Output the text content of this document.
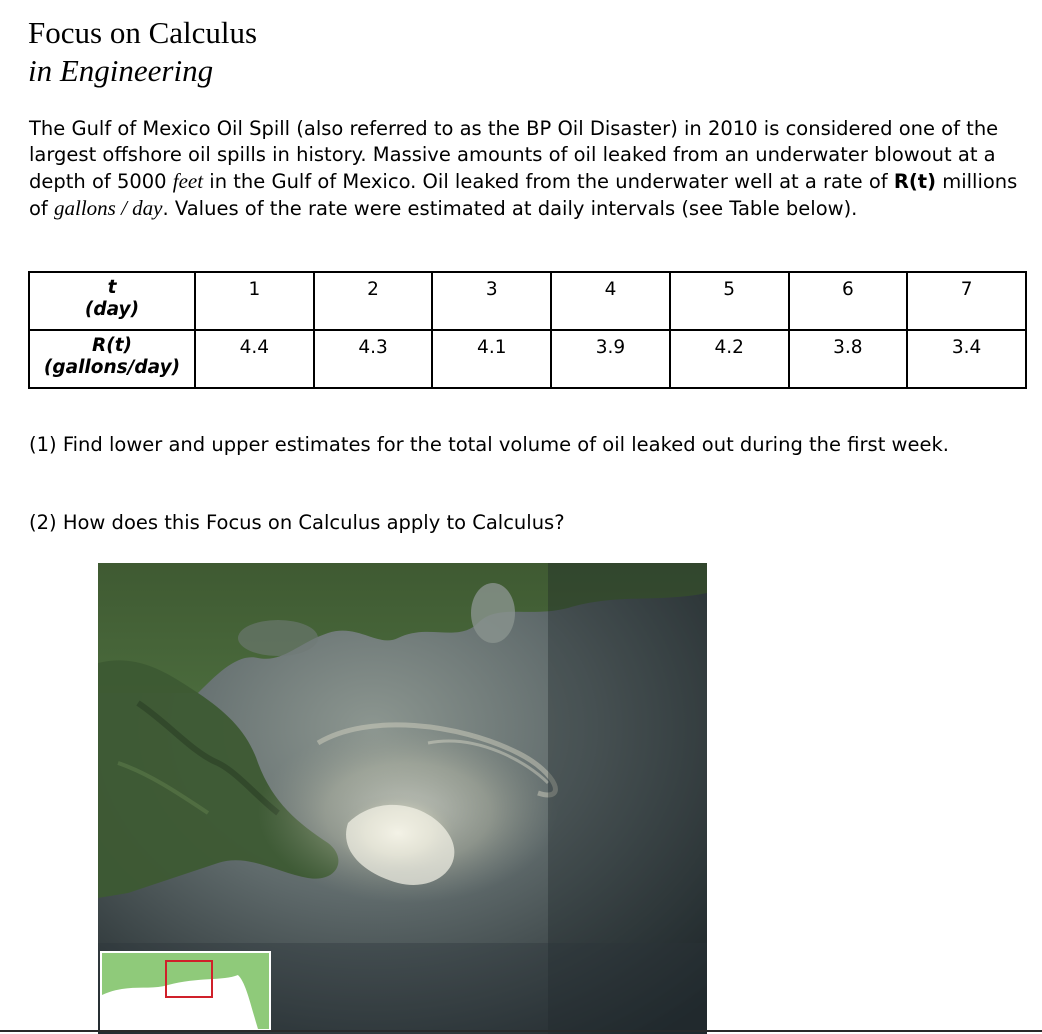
Focus on Calculus
in Engineering
The Gulf of Mexico Oil Spill (also referred to as the BP Oil Disaster) in 2010 is considered one of the largest offshore oil spills in history. Massive amounts of oil leaked from an underwater blowout at a depth of 5000 feet in the Gulf of Mexico. Oil leaked from the underwater well at a rate of R(t) millions of gallons / day. Values of the rate were estimated at daily intervals (see Table below).
t
(day)	1	2	3	4	5	6	7

R(t)
(gallons/day)	4.4	4.3	4.1	3.9	4.2	3.8	3.4
(1) Find lower and upper estimates for the total volume of oil leaked out during the first week.
(2) How does this Focus on Calculus apply to Calculus?
